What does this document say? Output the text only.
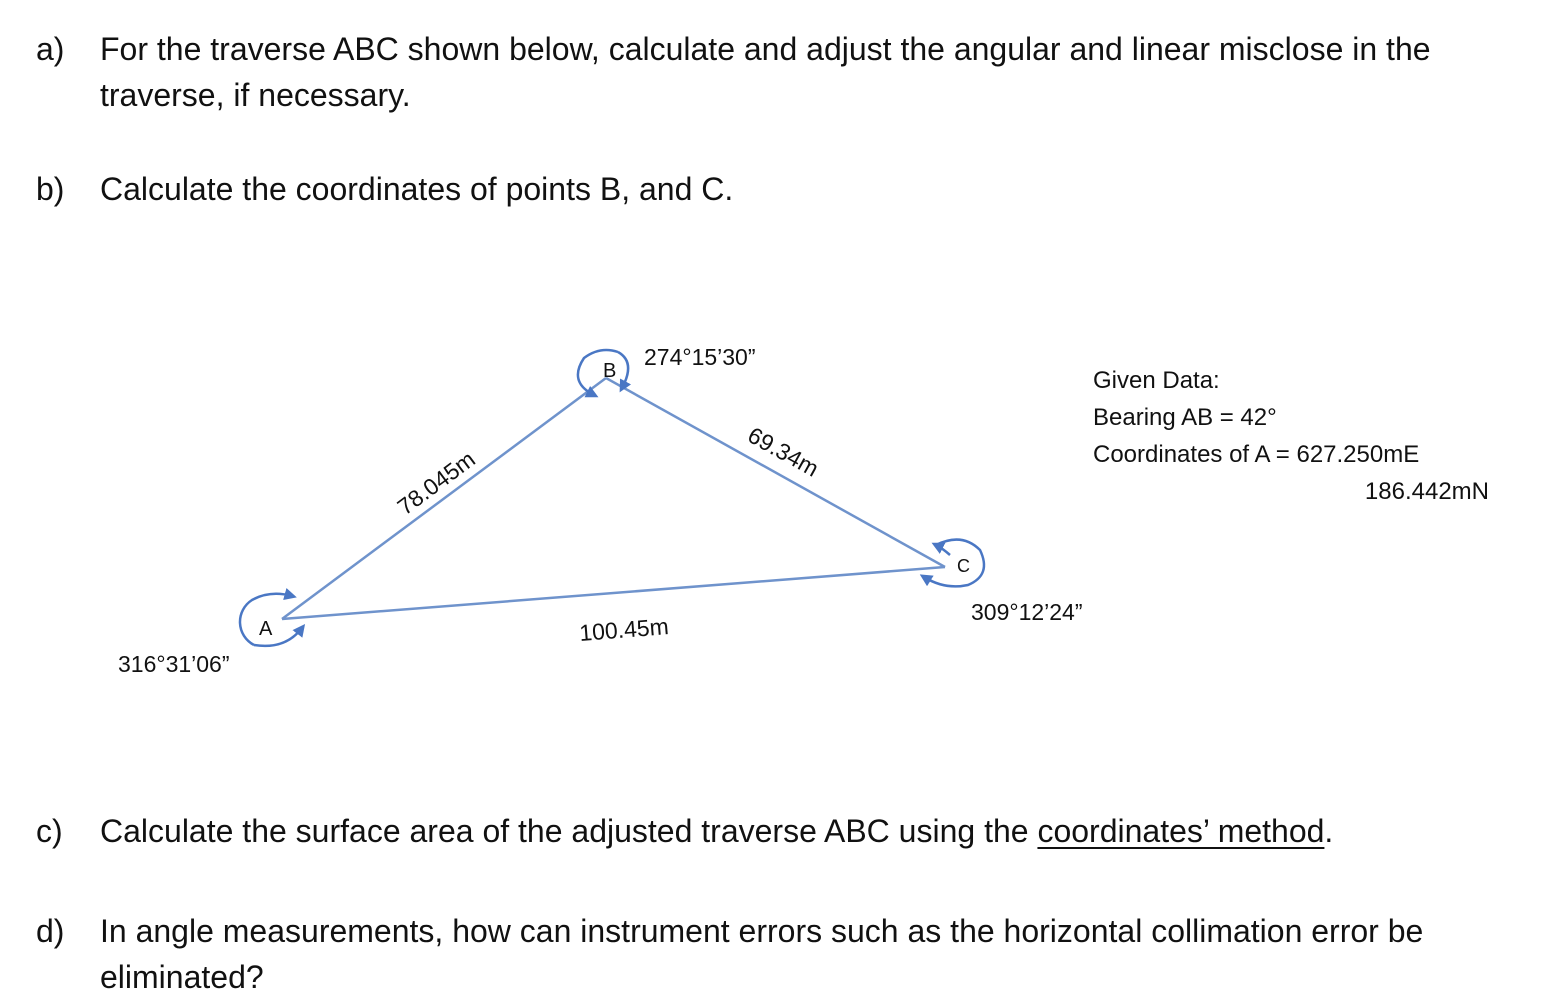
a) For the traverse ABC shown below, calculate and adjust the angular and linear misclose in the traverse, if necessary.
b) Calculate the coordinates of points B, and C.
A
B
C
316°31’06”
274°15’30”
309°12’24”
78.045m	69.34m
100.45m
Given Data:
Bearing AB = 42°
Coordinates of A = 627.250mE
186.442mN
c) Calculate the surface area of the adjusted traverse ABC using the coordinates’ method.
d) In angle measurements, how can instrument errors such as the horizontal collimation error be eliminated?
